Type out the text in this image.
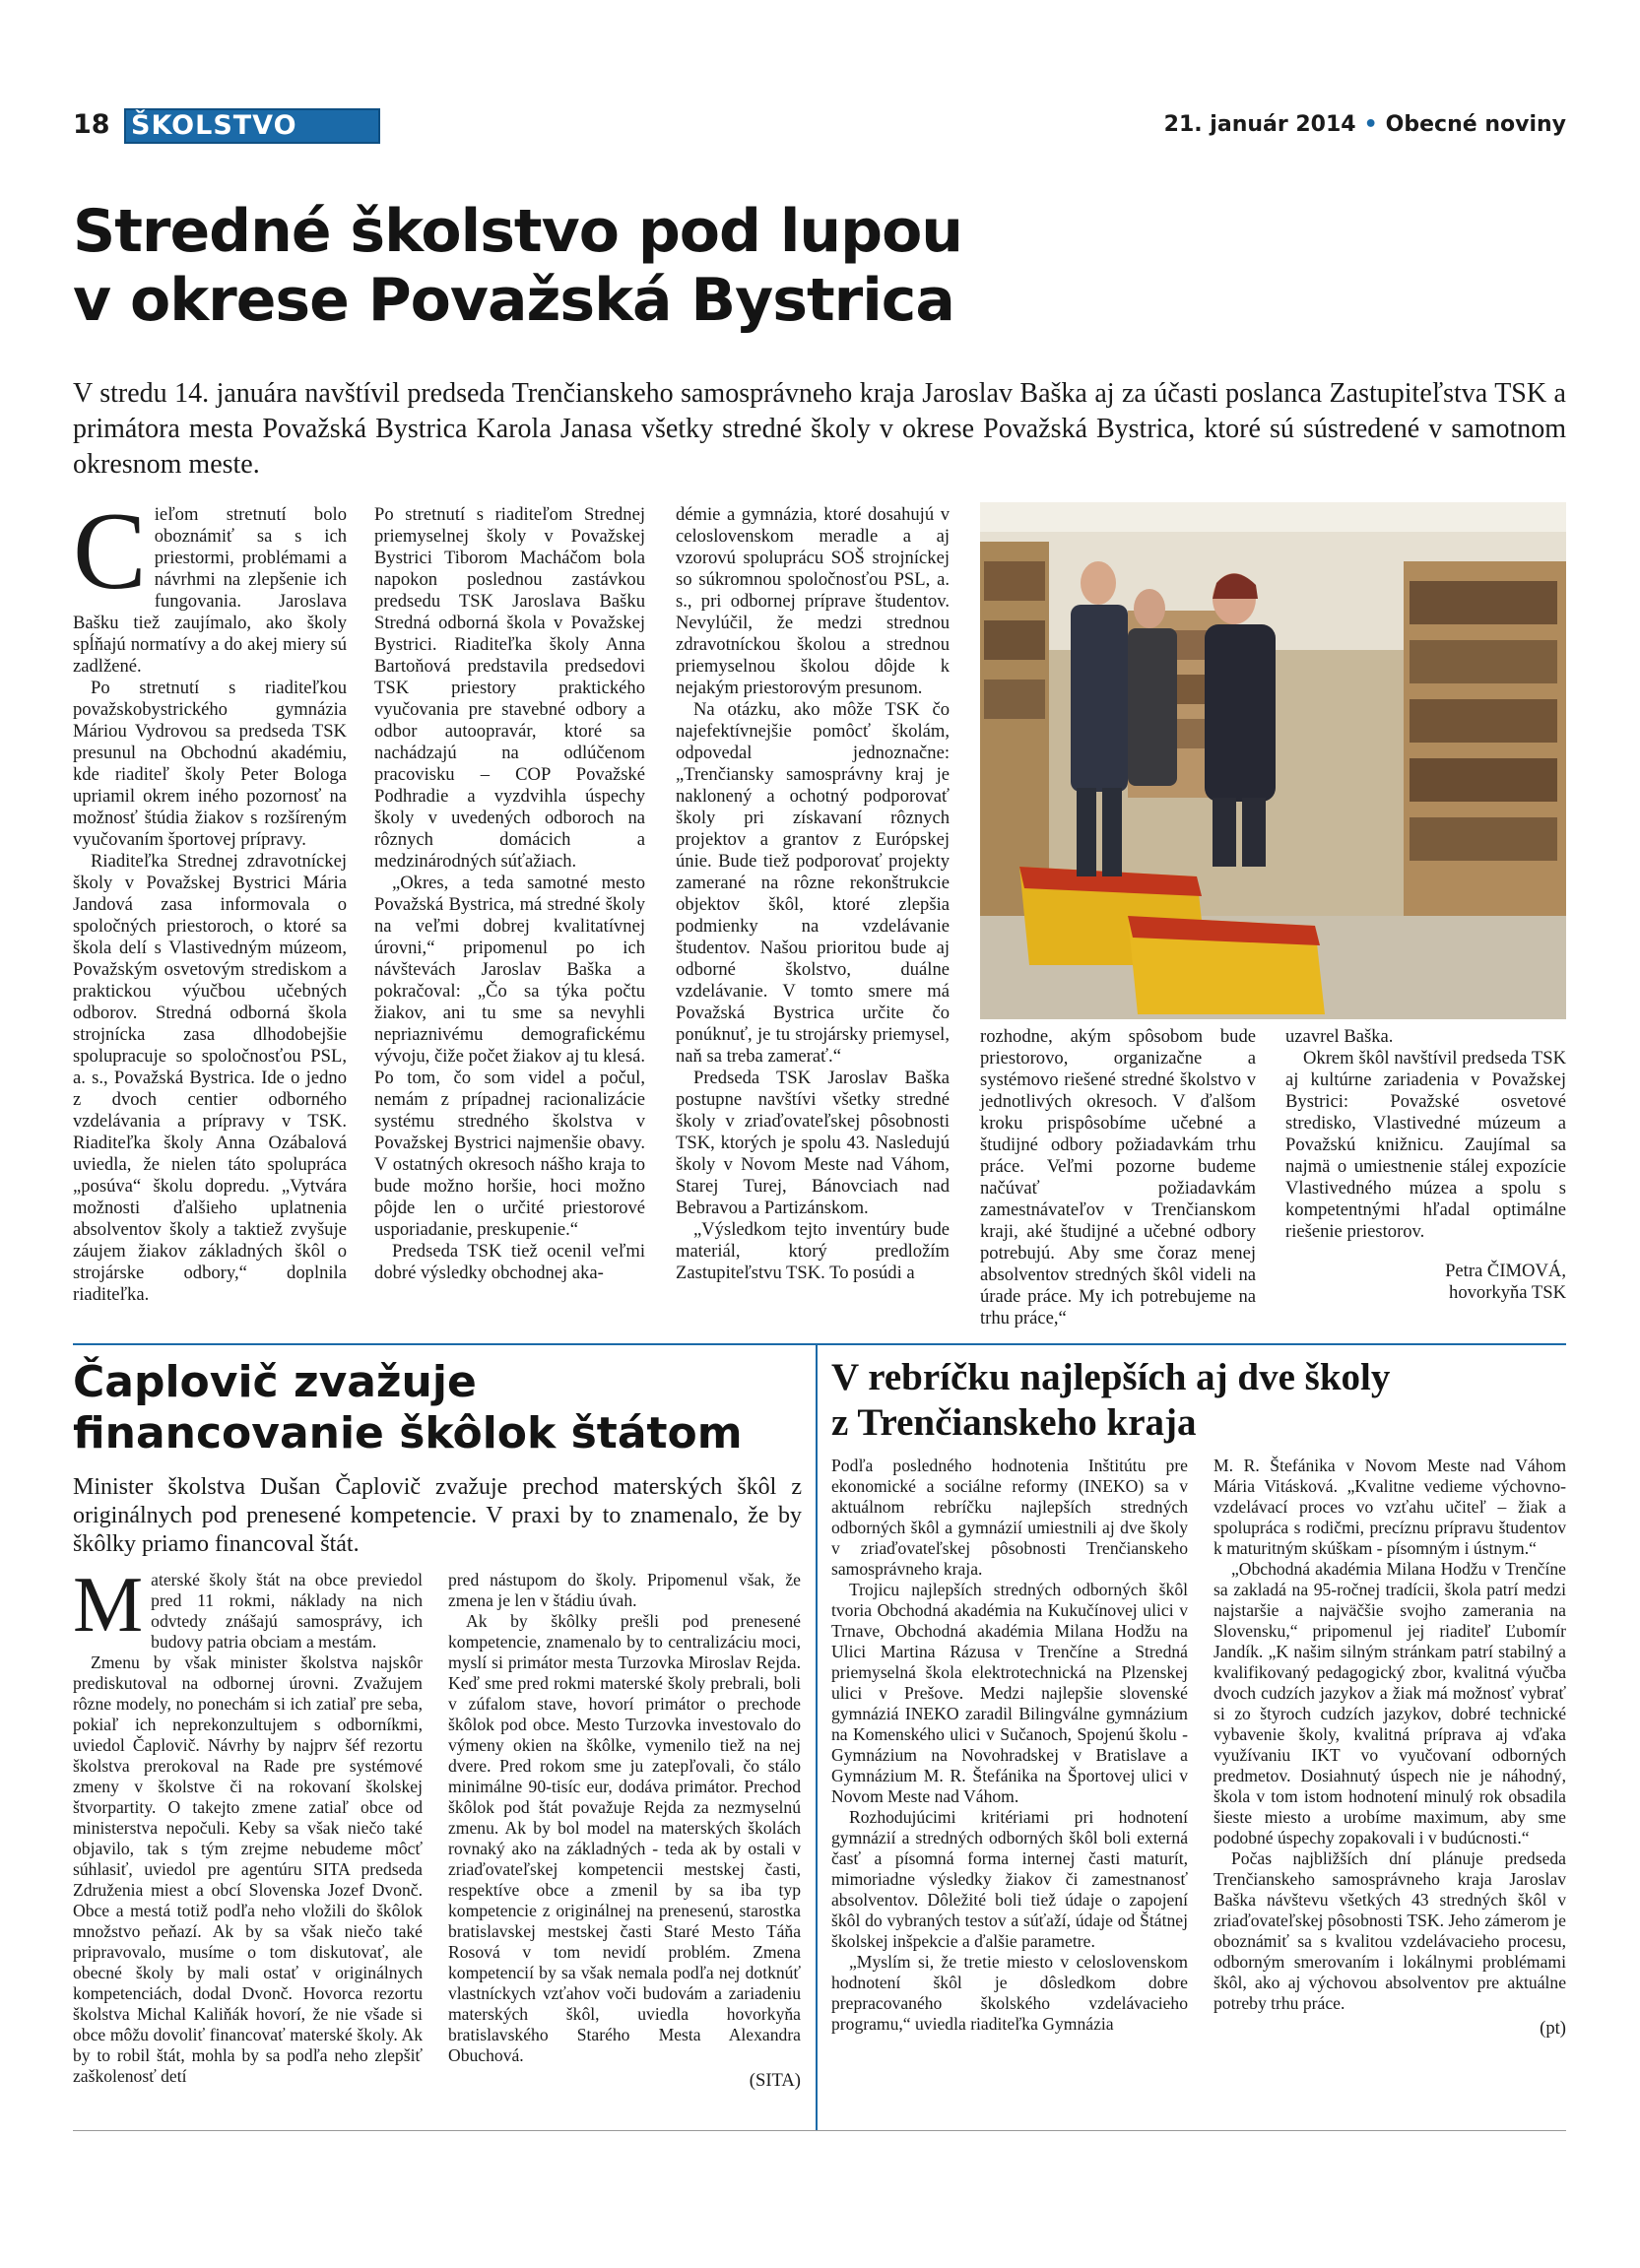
18 ŠKOLSTVO	21. január 2014 • Obecné noviny
Stredné školstvo pod lupou
v okrese Považská Bystrica

V stredu 14. januára navštívil predseda Trenčianskeho samosprávneho kraja Jaroslav Baška aj za účasti poslanca Zastupiteľstva TSK a primátora mesta Považská Bystrica Karola Janasa všetky stredné školy v okrese Považská Bystrica, ktoré sú sústredené v samotnom okresnom meste.

C ieľom stretnutí bolo oboznámiť sa s ich priestormi, problémami a návrhmi na zlepšenie ich fungovania. Jaroslava Bašku tiež zaujímalo, ako školy spĺňajú normatívy a do akej miery sú zadlžené.

Po stretnutí s riaditeľkou považskobystrického gymnázia Máriou Vydrovou sa predseda TSK presunul na Obchodnú akadémiu, kde riaditeľ školy Peter Bologa upriamil okrem iného pozornosť na možnosť štúdia žiakov s rozšíreným vyučovaním športovej prípravy.

Riaditeľka Strednej zdravotníckej školy v Považskej Bystrici Mária Jandová zasa informovala o spoločných priestoroch, o ktoré sa škola delí s Vlastivedným múzeom, Považským osvetovým strediskom a praktickou výučbou učebných odborov. Stredná odborná škola strojnícka zasa dlhodobejšie spolupracuje so spoločnosťou PSL, a. s., Považská Bystrica. Ide o jedno z dvoch centier odborného vzdelávania a prípravy v TSK. Riaditeľka školy Anna Ozábalová uviedla, že nielen táto spolupráca „posúva“ školu dopredu. „Vytvára možnosti ďalšieho uplatnenia absolventov školy a taktiež zvyšuje záujem žiakov základných škôl o strojárske odbory,“ doplnila riaditeľka.

Po stretnutí s riaditeľom Strednej priemyselnej školy v Považskej Bystrici Tiborom Macháčom bola napokon poslednou zastávkou predsedu TSK Jaroslava Bašku Stredná odborná škola v Považskej Bystrici. Riaditeľka školy Anna Bartoňová predstavila predsedovi TSK priestory praktického vyučovania pre stavebné odbory a odbor autoopravár, ktoré sa nachádzajú na odlúčenom pracovisku – COP Považské Podhradie a vyzdvihla úspechy školy v uvedených odboroch na rôznych domácich a medzinárodných súťažiach.

„Okres, a teda samotné mesto Považská Bystrica, má stredné školy na veľmi dobrej kvalitatívnej úrovni,“ pripomenul po ich návštevách Jaroslav Baška a pokračoval: „Čo sa týka počtu žiakov, ani tu sme sa nevyhli nepriaznivému demografickému vývoju, čiže počet žiakov aj tu klesá. Po tom, čo som videl a počul, nemám z prípadnej racionalizácie systému stredného školstva v Považskej Bystrici najmenšie obavy. V ostatných okresoch nášho kraja to bude možno horšie, hoci možno pôjde len o určité priestorové usporiadanie, preskupenie.“

Predseda TSK tiež ocenil veľmi dobré výsledky obchodnej aka-

démie a gymnázia, ktoré dosahujú v celoslovenskom meradle a aj vzorovú spoluprácu SOŠ strojníckej so súkromnou spoločnosťou PSL, a. s., pri odbornej príprave študentov. Nevylúčil, že medzi strednou zdravotníckou školou a strednou priemyselnou školou dôjde k nejakým priestorovým presunom.

Na otázku, ako môže TSK čo najefektívnejšie pomôcť školám, odpovedal jednoznačne: „Trenčiansky samosprávny kraj je naklonený a ochotný podporovať školy pri získavaní rôznych projektov a grantov z Európskej únie. Bude tiež podporovať projekty zamerané na rôzne rekonštrukcie objektov škôl, ktoré zlepšia podmienky na vzdelávanie študentov. Našou prioritou bude aj odborné školstvo, duálne vzdelávanie. V tomto smere má Považská Bystrica určite čo ponúknuť, je tu strojársky priemysel, naň sa treba zamerať.“

Predseda TSK Jaroslav Baška postupne navštívi všetky stredné školy v zriaďovateľskej pôsobnosti TSK, ktorých je spolu 43. Nasledujú školy v Novom Meste nad Váhom, Starej Turej, Bánovciach nad Bebravou a Partizánskom.

„Výsledkom tejto inventúry bude materiál, ktorý predložím Zastupiteľstvu TSK. To posúdi a

rozhodne, akým spôsobom bude priestorovo, organizačne a systémovo riešené stredné školstvo v jednotlivých okresoch. V ďalšom kroku prispôsobíme učebné a študijné odbory požiadavkám trhu práce. Veľmi pozorne budeme načúvať požiadavkám zamestnávateľov v Trenčianskom kraji, aké študijné a učebné odbory potrebujú. Aby sme čoraz menej absolventov stredných škôl videli na úrade práce. My ich potrebujeme na trhu práce,“

uzavrel Baška.

Okrem škôl navštívil predseda TSK aj kultúrne zariadenia v Považskej Bystrici: Považské osvetové stredisko, Vlastivedné múzeum a Považskú knižnicu. Zaujímal sa najmä o umiestnenie stálej expozície Vlastivedného múzea a spolu s kompetentnými hľadal optimálne riešenie priestorov.

Petra ČIMOVÁ,
hovorkyňa TSK
Čaplovič zvažuje
financovanie škôlok štátom

Minister školstva Dušan Čaplovič zvažuje prechod materských škôl z originálnych pod prenesené kompetencie. V praxi by to znamenalo, že by škôlky priamo financoval štát.

M aterské školy štát na obce previedol pred 11 rokmi, náklady na nich odvtedy znášajú samosprávy, ich budovy patria obciam a mestám.

Zmenu by však minister školstva najskôr prediskutoval na odbornej úrovni. Zvažujem rôzne modely, no ponechám si ich zatiaľ pre seba, pokiaľ ich neprekonzultujem s odborníkmi, uviedol Čaplovič. Návrhy by najprv šéf rezortu školstva prerokoval na Rade pre systémové zmeny v školstve či na rokovaní školskej štvorpartity. O takejto zmene zatiaľ obce od ministerstva nepočuli. Keby sa však niečo také objavilo, tak s tým zrejme nebudeme môcť súhlasiť, uviedol pre agentúru SITA predseda Združenia miest a obcí Slovenska Jozef Dvonč. Obce a mestá totiž podľa neho vložili do škôlok množstvo peňazí. Ak by sa však niečo také pripravovalo, musíme o tom diskutovať, ale obecné školy by mali ostať v originálnych kompetenciách, dodal Dvonč. Hovorca rezortu školstva Michal Kaliňák hovorí, že nie všade si obce môžu dovoliť financovať materské školy. Ak by to robil štát, mohla by sa podľa neho zlepšiť zaškolenosť detí

pred nástupom do školy. Pripomenul však, že zmena je len v štádiu úvah.

Ak by škôlky prešli pod prenesené kompetencie, znamenalo by to centralizáciu moci, myslí si primátor mesta Turzovka Miroslav Rejda. Keď sme pred rokmi materské školy prebrali, boli v zúfalom stave, hovorí primátor o prechode škôlok pod obce. Mesto Turzovka investovalo do výmeny okien na škôlke, vymenilo tiež na nej dvere. Pred rokom sme ju zatepľovali, čo stálo minimálne 90-tisíc eur, dodáva primátor. Prechod škôlok pod štát považuje Rejda za nezmyselnú zmenu. Ak by bol model na materských školách rovnaký ako na základných - teda ak by ostali v zriaďovateľskej kompetencii mestskej časti, respektíve obce a zmenil by sa iba typ kompetencie z originálnej na prenesenú, starostka bratislavskej mestskej časti Staré Mesto Táňa Rosová v tom nevidí problém. Zmena kompetencií by sa však nemala podľa nej dotknúť vlastníckych vzťahov voči budovám a zariadeniu materských škôl, uviedla hovorkyňa bratislavského Starého Mesta Alexandra Obuchová.

(SITA)
V rebríčku najlepších aj dve školy
z Trenčianskeho kraja

Podľa posledného hodnotenia Inštitútu pre ekonomické a sociálne reformy (INEKO) sa v aktuálnom rebríčku najlepších stredných odborných škôl a gymnázií umiestnili aj dve školy v zriaďovateľskej pôsobnosti Trenčianskeho samosprávneho kraja.

Trojicu najlepších stredných odborných škôl tvoria Obchodná akadémia na Kukučínovej ulici v Trnave, Obchodná akadémia Milana Hodžu na Ulici Martina Rázusa v Trenčíne a Stredná priemyselná škola elektrotechnická na Plzenskej ulici v Prešove. Medzi najlepšie slovenské gymnáziá INEKO zaradil Bilingválne gymnázium na Komenského ulici v Sučanoch, Spojenú školu - Gymnázium na Novohradskej v Bratislave a Gymnázium M. R. Štefánika na Športovej ulici v Novom Meste nad Váhom.

Rozhodujúcimi kritériami pri hodnotení gymnázií a stredných odborných škôl boli externá časť a písomná forma internej časti maturít, mimoriadne výsledky žiakov či zamestnanosť absolventov. Dôležité boli tiež údaje o zapojení škôl do vybraných testov a súťaží, údaje od Štátnej školskej inšpekcie a ďalšie parametre.

„Myslím si, že tretie miesto v celoslovenskom hodnotení škôl je dôsledkom dobre prepracovaného školského vzdelávacieho programu,“ uviedla riaditeľka Gymnázia

M. R. Štefánika v Novom Meste nad Váhom Mária Vitásková. „Kvalitne vedieme výchovno-vzdelávací proces vo vzťahu učiteľ – žiak a spolupráca s rodičmi, precíznu prípravu študentov k maturitným skúškam - písomným i ústnym.“

„Obchodná akadémia Milana Hodžu v Trenčíne sa zakladá na 95-ročnej tradícii, škola patrí medzi najstaršie a najväčšie svojho zamerania na Slovensku,“ pripomenul jej riaditeľ Ľubomír Jandík. „K našim silným stránkam patrí stabilný a kvalifikovaný pedagogický zbor, kvalitná výučba dvoch cudzích jazykov a žiak má možnosť vybrať si zo štyroch cudzích jazykov, dobré technické vybavenie školy, kvalitná príprava aj vďaka využívaniu IKT vo vyučovaní odborných predmetov. Dosiahnutý úspech nie je náhodný, škola v tom istom hodnotení minulý rok obsadila šieste miesto a urobíme maximum, aby sme podobné úspechy zopakovali i v budúcnosti.“

Počas najbližších dní plánuje predseda Trenčianskeho samosprávneho kraja Jaroslav Baška návštevu všetkých 43 stredných škôl v zriaďovateľskej pôsobnosti TSK. Jeho zámerom je oboznámiť sa s kvalitou vzdelávacieho procesu, odborným smerovaním i lokálnymi problémami škôl, ako aj výchovou absolventov pre aktuálne potreby trhu práce.

(pt)
